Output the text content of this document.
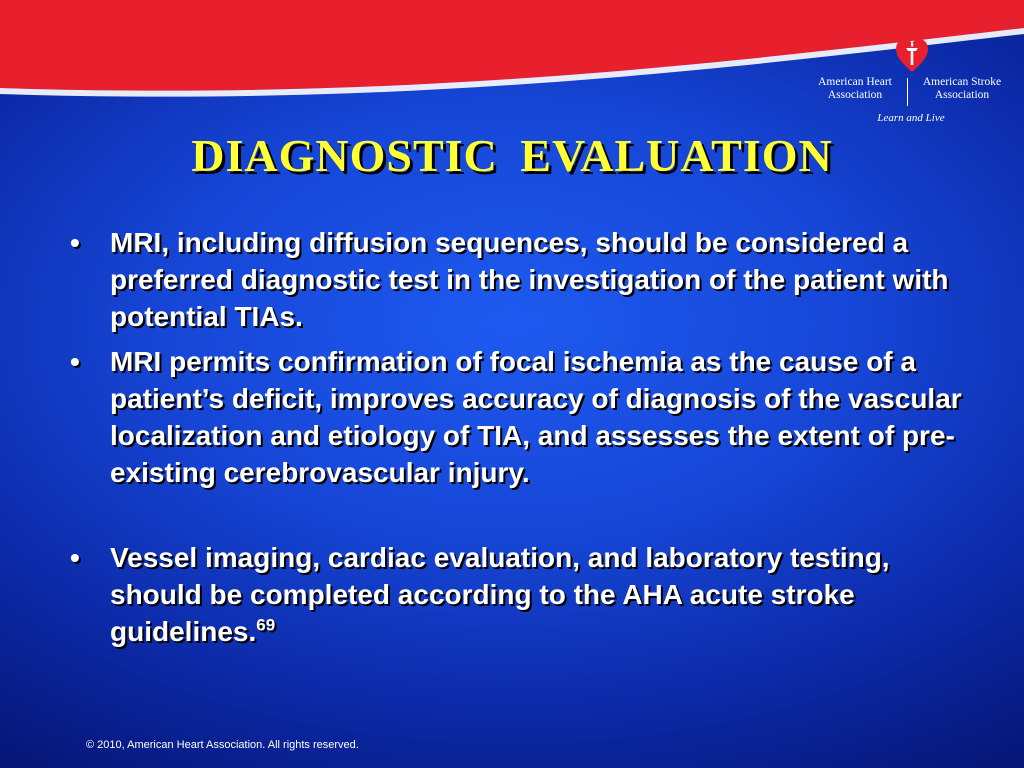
American Heart
Association
American Stroke
Association
Learn and Live
DIAGNOSTIC EVALUATION
• MRI, including diffusion sequences, should be considered a preferred diagnostic test in the investigation of the patient with potential TIAs.
• MRI permits confirmation of focal ischemia as the cause of a patient’s deficit, improves accuracy of diagnosis of the vascular localization and etiology of TIA, and assesses the extent of pre-existing cerebrovascular injury.
• Vessel imaging, cardiac evaluation, and laboratory testing, should be completed according to the AHA acute stroke guidelines.$^{69}$
© 2010, American Heart Association. All rights reserved.
